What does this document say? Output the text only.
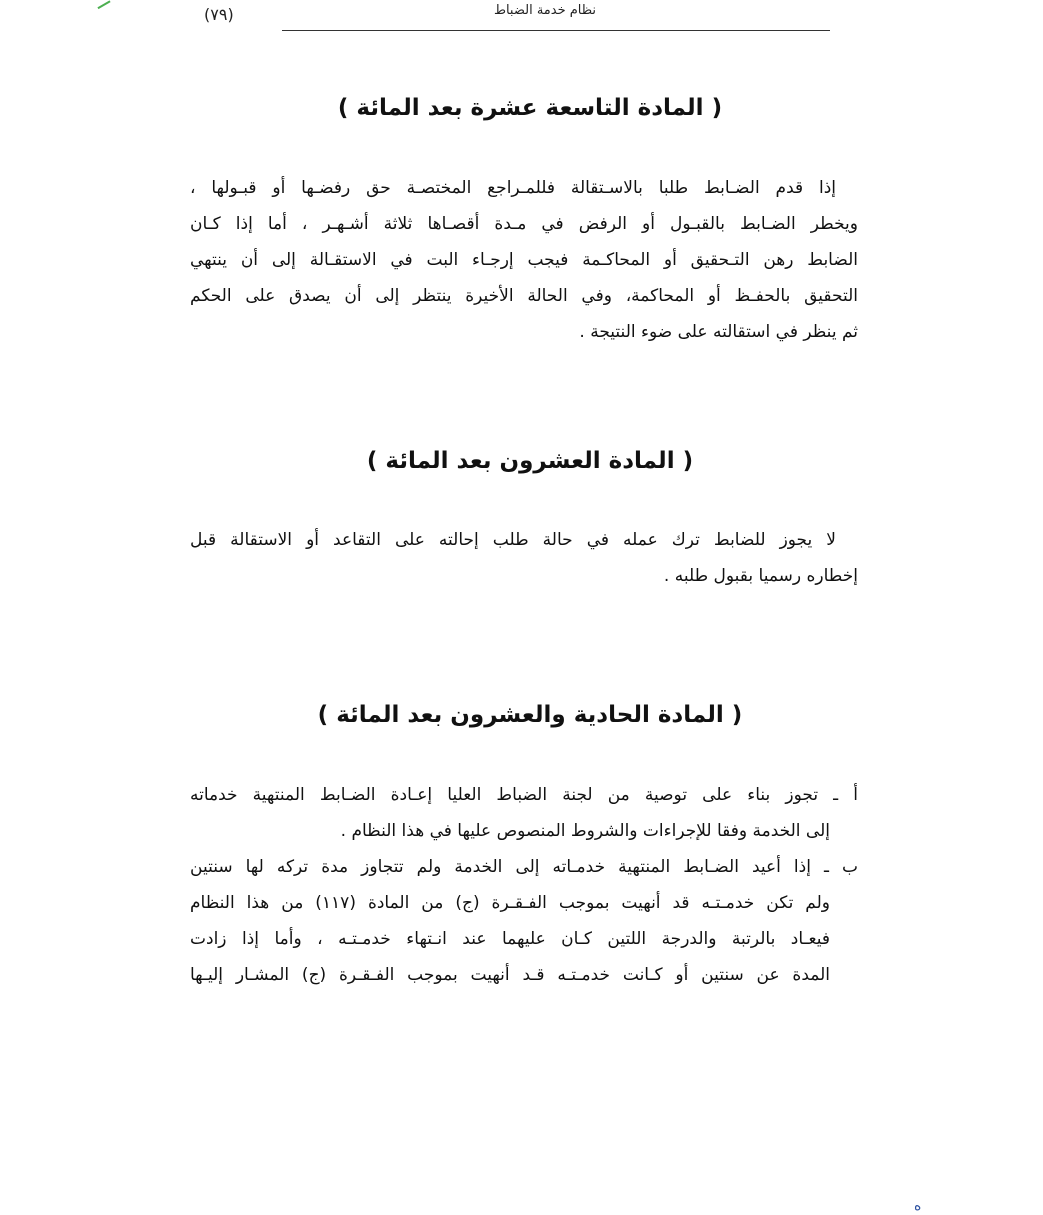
نظام خدمة الضباط
(٧٩)
( المادة التاسعة عشرة بعد المائة )
إذا قدم الضـابط طلبا بالاسـتقالة فللمـراجع المختصـة حق رفضـها أو قبـولها ،
ويخطر الضـابط بالقبـول أو الرفض في مـدة أقصـاها ثلاثة أشـهـر ، أما إذا كـان
الضابط رهن التـحقيق أو المحاكـمة فيجب إرجـاء البت في الاستقـالة إلى أن ينتهي
التحقيق بالحفـظ أو المحاكمة، وفي الحالة الأخيرة ينتظر إلى أن يصدق على الحكم
ثم ينظر في استقالته على ضوء النتيجة .
( المادة العشرون بعد المائة )
لا يجوز للضابط ترك عمله في حالة طلب إحالته على التقاعد أو الاستقالة قبل
إخطاره رسميا بقبول طلبه .
( المادة الحادية والعشرون بعد المائة )
أ ـ تجوز بناء على توصية من لجنة الضباط العليا إعـادة الضـابط المنتهية خدماته
إلى الخدمة وفقا للإجراءات والشروط المنصوص عليها في هذا النظام .
ب ـ إذا أعيد الضـابط المنتهية خدمـاته إلى الخدمة ولم تتجاوز مدة تركه لها سنتين
ولم تكن خدمـتـه قد أنهيت بموجب الفـقـرة (ج) من المادة (١١٧) من هذا النظام
فيعـاد بالرتبة والدرجة اللتين كـان عليهما عند انـتهاء خدمـتـه ، وأما إذا زادت
المدة عن سنتين أو كـانت خدمـتـه قـد أنهيت بموجب الفـقـرة (ج) المشـار إليـها
ه
